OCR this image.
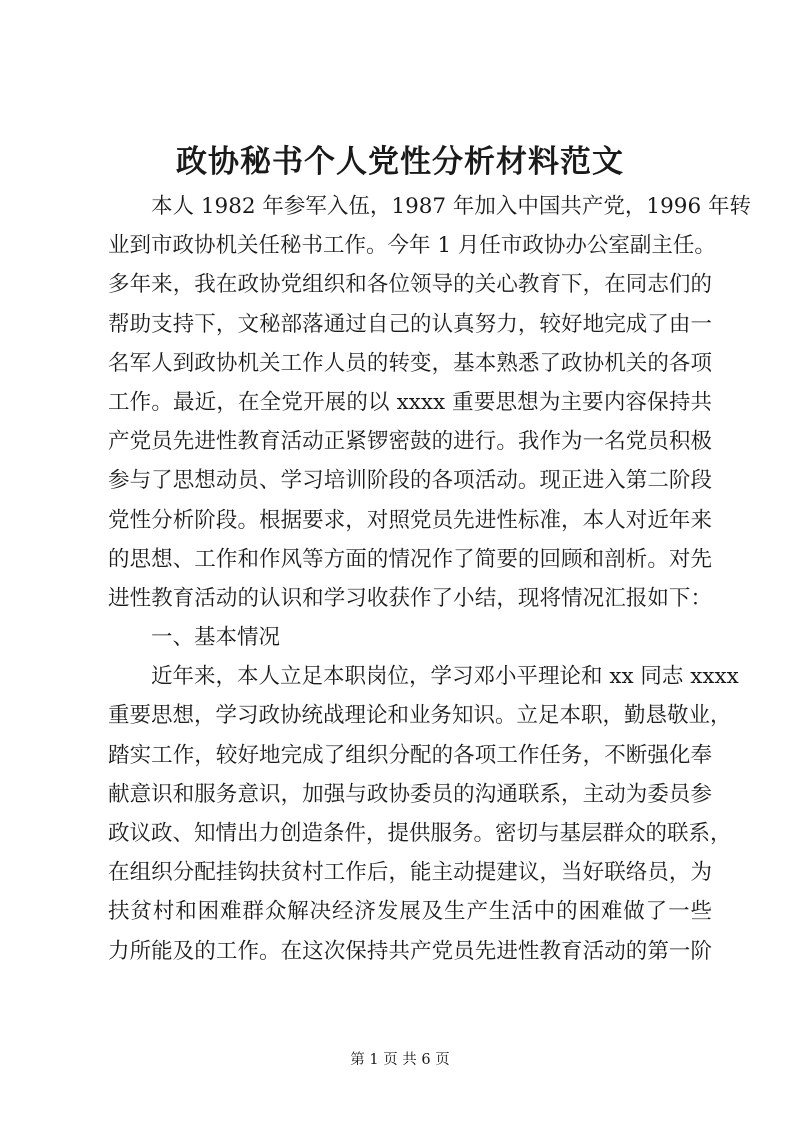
政协秘书个人党性分析材料范文
本人 1982 年参军入伍，1987 年加入中国共产党，1996 年转
业到市政协机关任秘书工作。今年 1 月任市政协办公室副主任。
多年来，我在政协党组织和各位领导的关心教育下，在同志们的
帮助支持下，文秘部落通过自己的认真努力，较好地完成了由一
名军人到政协机关工作人员的转变，基本熟悉了政协机关的各项
工作。最近，在全党开展的以 xxxx 重要思想为主要内容保持共
产党员先进性教育活动正紧锣密鼓的进行。我作为一名党员积极
参与了思想动员、学习培训阶段的各项活动。现正进入第二阶段
党性分析阶段。根据要求，对照党员先进性标准，本人对近年来
的思想、工作和作风等方面的情况作了简要的回顾和剖析。对先
进性教育活动的认识和学习收获作了小结，现将情况汇报如下：
一、基本情况
近年来，本人立足本职岗位，学习邓小平理论和 xx 同志 xxxx
重要思想，学习政协统战理论和业务知识。立足本职，勤恳敬业，
踏实工作，较好地完成了组织分配的各项工作任务，不断强化奉
献意识和服务意识，加强与政协委员的沟通联系，主动为委员参
政议政、知情出力创造条件，提供服务。密切与基层群众的联系，
在组织分配挂钩扶贫村工作后，能主动提建议，当好联络员，为
扶贫村和困难群众解决经济发展及生产生活中的困难做了一些
力所能及的工作。在这次保持共产党员先进性教育活动的第一阶
第 1 页 共 6 页
